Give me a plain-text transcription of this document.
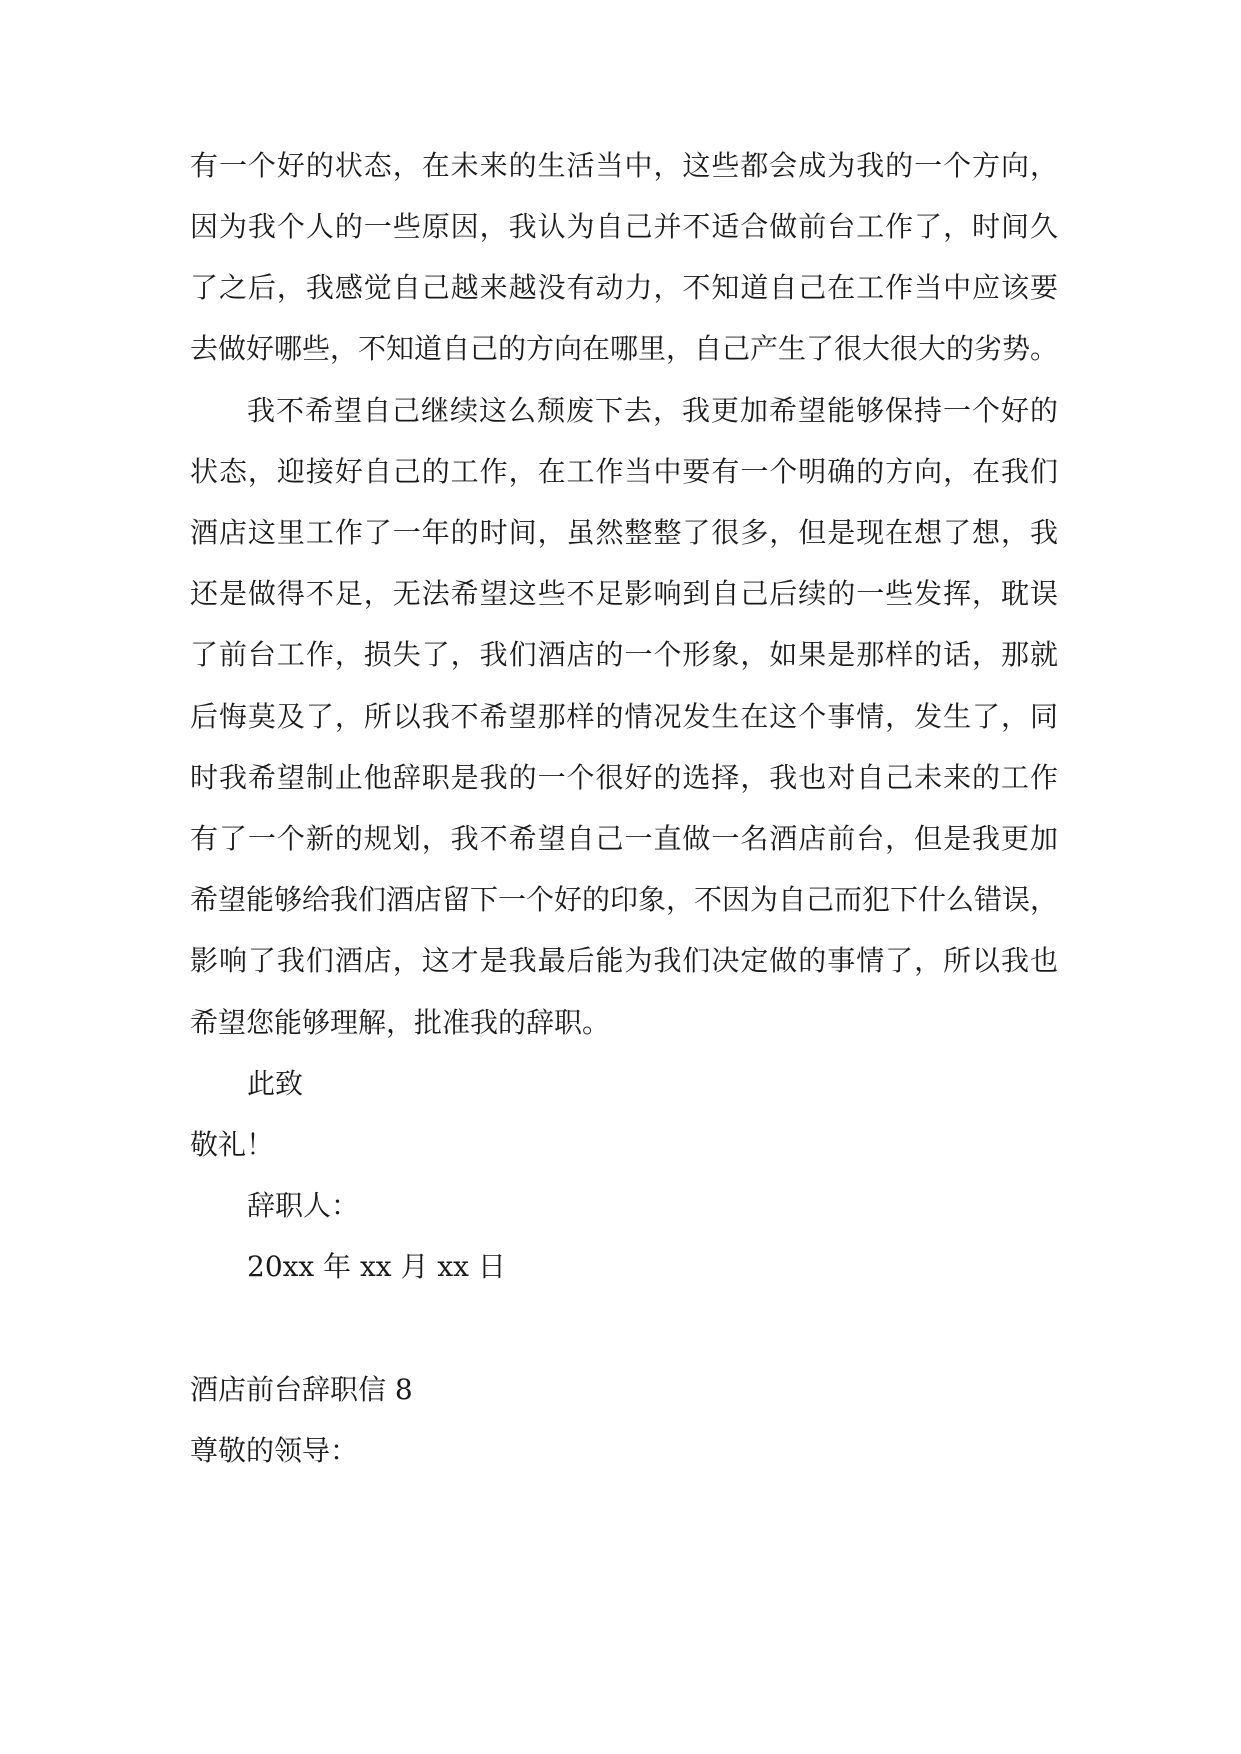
有一个好的状态，在未来的生活当中，这些都会成为我的一个方向，

因为我个人的一些原因，我认为自己并不适合做前台工作了，时间久

了之后，我感觉自己越来越没有动力，不知道自己在工作当中应该要

去做好哪些，不知道自己的方向在哪里，自己产生了很大很大的劣势。

我不希望自己继续这么颓废下去，我更加希望能够保持一个好的

状态，迎接好自己的工作，在工作当中要有一个明确的方向，在我们

酒店这里工作了一年的时间，虽然整整了很多，但是现在想了想，我

还是做得不足，无法希望这些不足影响到自己后续的一些发挥，耽误

了前台工作，损失了，我们酒店的一个形象，如果是那样的话，那就

后悔莫及了，所以我不希望那样的情况发生在这个事情，发生了，同

时我希望制止他辞职是我的一个很好的选择，我也对自己未来的工作

有了一个新的规划，我不希望自己一直做一名酒店前台，但是我更加

希望能够给我们酒店留下一个好的印象，不因为自己而犯下什么错误，

影响了我们酒店，这才是我最后能为我们决定做的事情了，所以我也

希望您能够理解，批准我的辞职。

此致

敬礼！

辞职人：

20xx 年 xx 月 xx 日

酒店前台辞职信 8

尊敬的领导：
